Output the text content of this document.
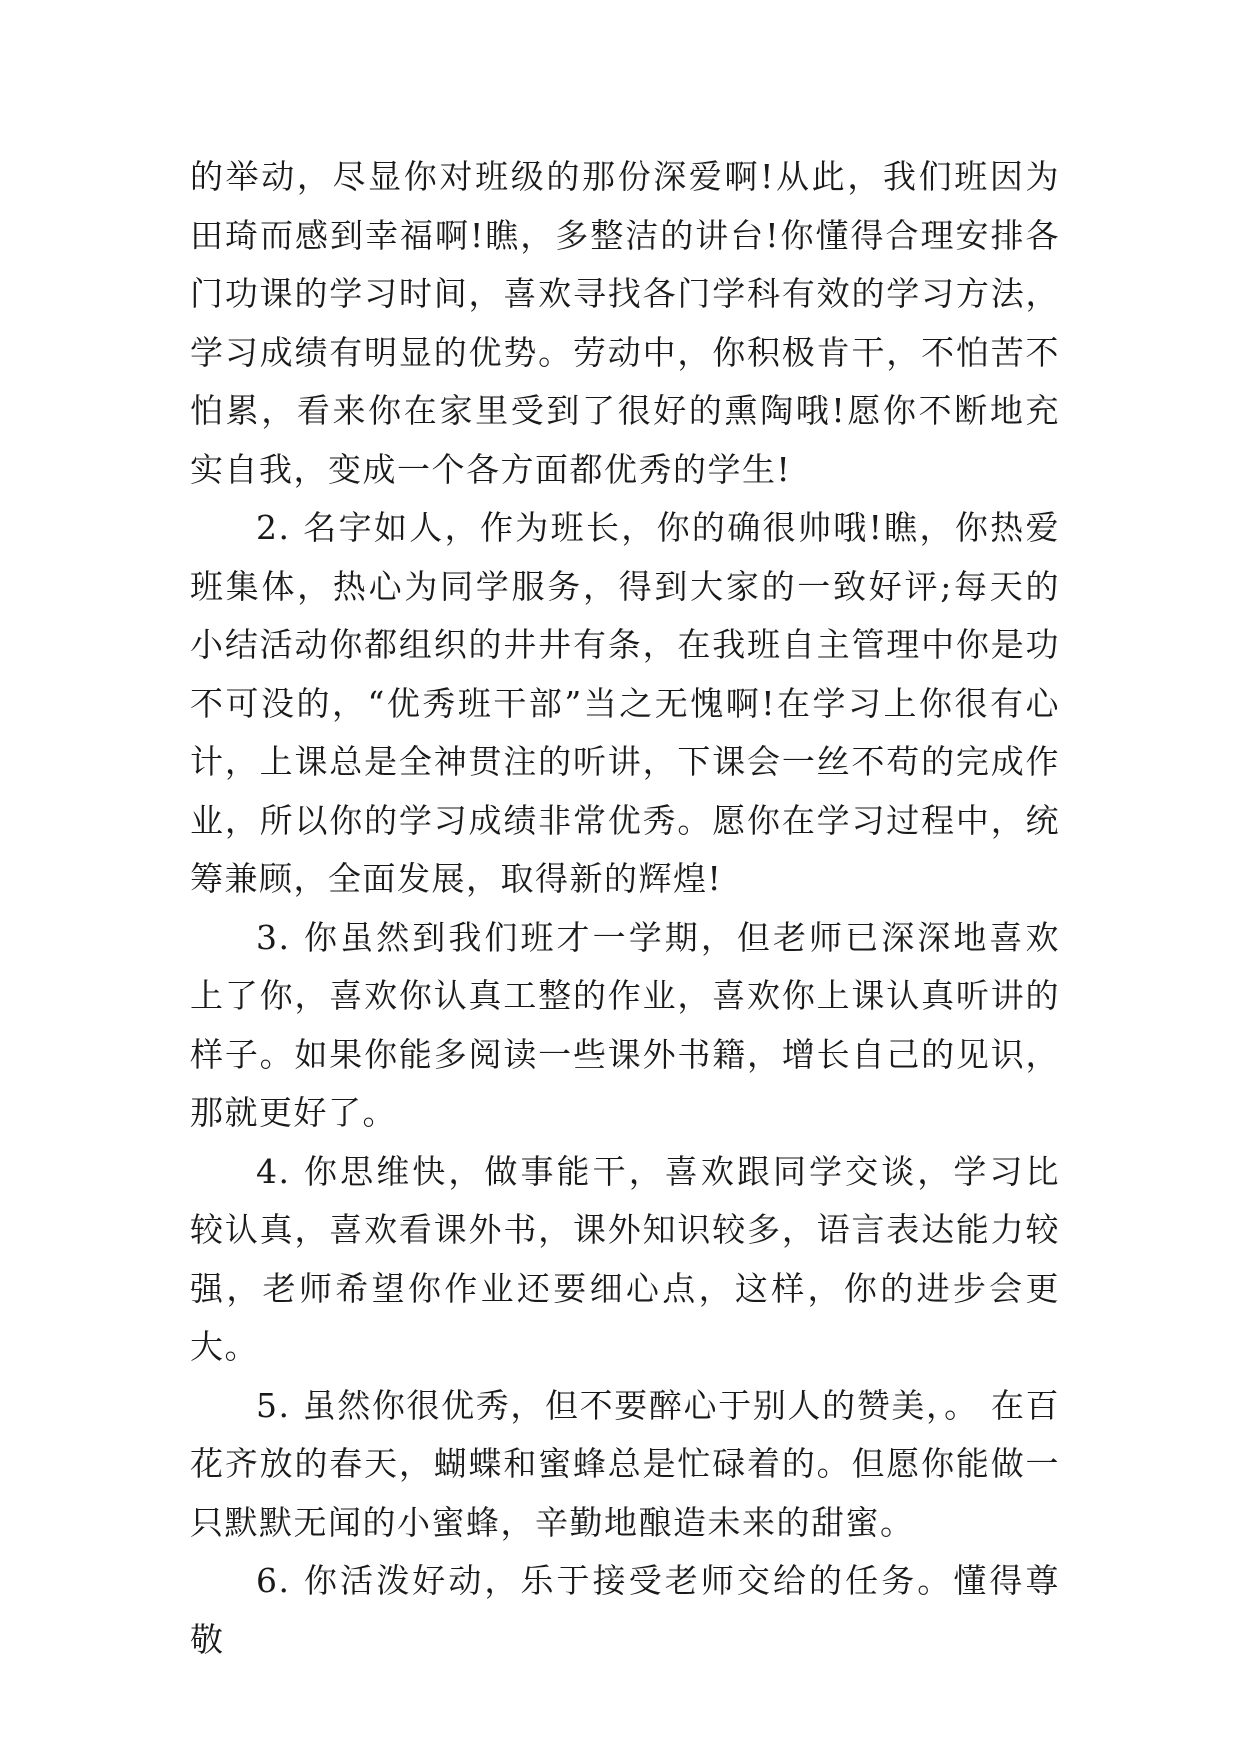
的举动，尽显你对班级的那份深爱啊!从此，我们班因为田琦而感到幸福啊!瞧，多整洁的讲台!你懂得合理安排各门功课的学习时间，喜欢寻找各门学科有效的学习方法，学习成绩有明显的优势。劳动中，你积极肯干，不怕苦不怕累，看来你在家里受到了很好的熏陶哦!愿你不断地充实自我，变成一个各方面都优秀的学生!

2. 名字如人，作为班长，你的确很帅哦!瞧，你热爱班集体，热心为同学服务，得到大家的一致好评;每天的小结活动你都组织的井井有条，在我班自主管理中你是功不可没的，“优秀班干部”当之无愧啊!在学习上你很有心计，上课总是全神贯注的听讲，下课会一丝不苟的完成作业，所以你的学习成绩非常优秀。愿你在学习过程中，统筹兼顾，全面发展，取得新的辉煌!

3. 你虽然到我们班才一学期，但老师已深深地喜欢上了你，喜欢你认真工整的作业，喜欢你上课认真听讲的样子。如果你能多阅读一些课外书籍，增长自己的见识，那就更好了。

4. 你思维快，做事能干，喜欢跟同学交谈，学习比较认真，喜欢看课外书，课外知识较多，语言表达能力较强，老师希望你作业还要细心点，这样，你的进步会更大。

5. 虽然你很优秀，但不要醉心于别人的赞美，。 在百花齐放的春天，蝴蝶和蜜蜂总是忙碌着的。但愿你能做一只默默无闻的小蜜蜂，辛勤地酿造未来的甜蜜。

6. 你活泼好动，乐于接受老师交给的任务。懂得尊敬
